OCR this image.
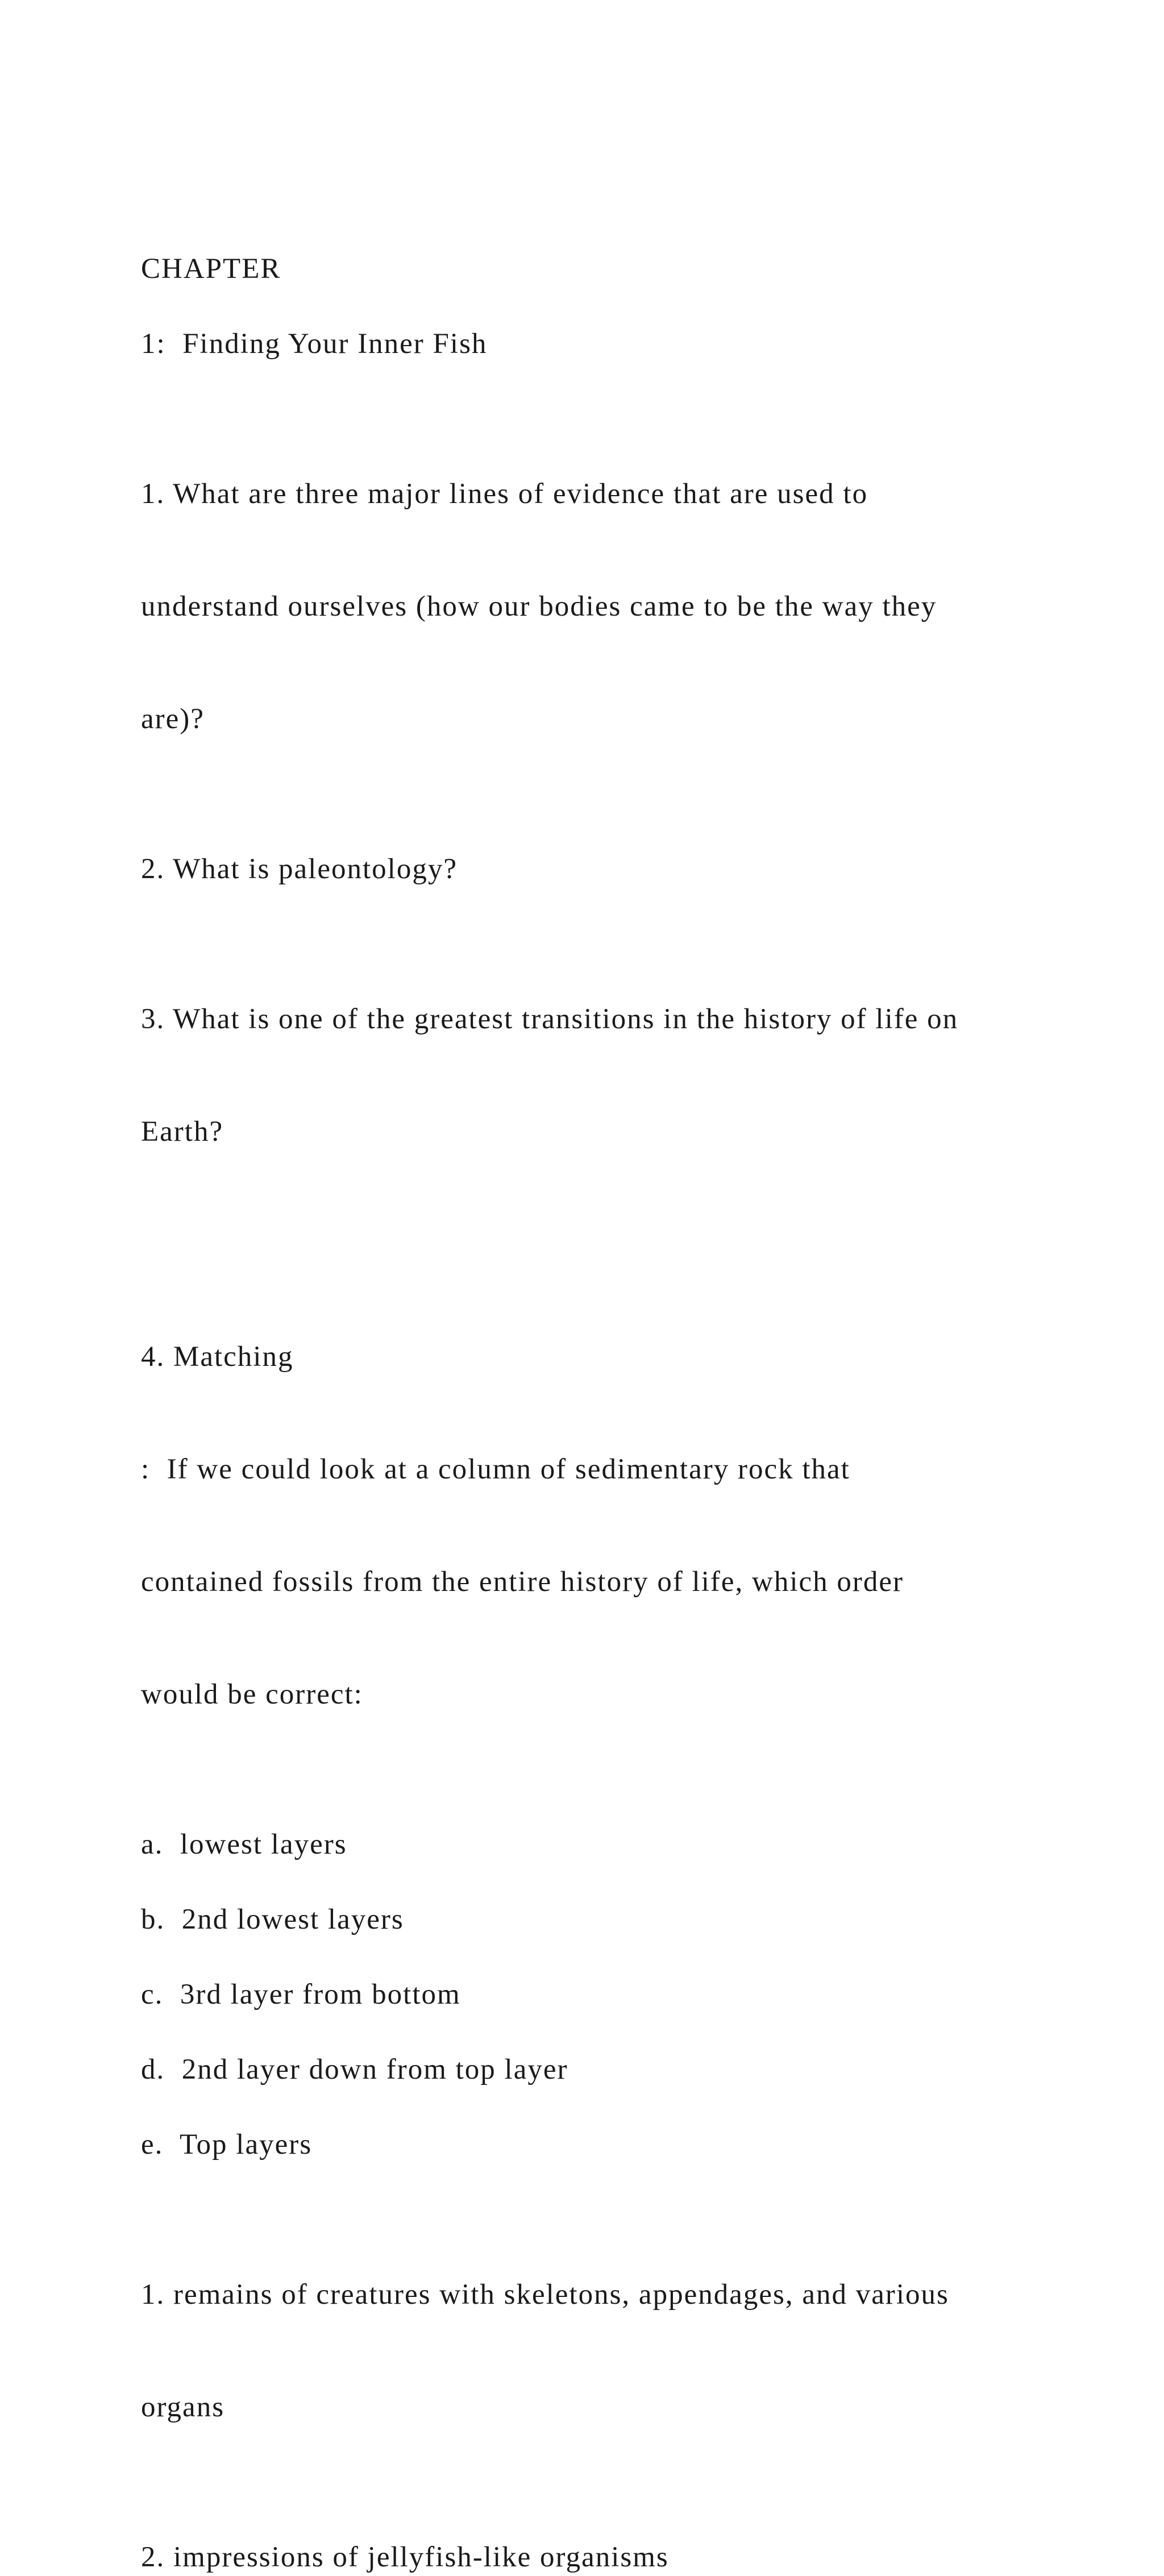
CHAPTER

1:  Finding Your Inner Fish

1. What are three major lines of evidence that are used to

understand ourselves (how our bodies came to be the way they

are)?

2. What is paleontology?

3. What is one of the greatest transitions in the history of life on

Earth?

4. Matching

:  If we could look at a column of sedimentary rock that

contained fossils from the entire history of life, which order

would be correct:

a.  lowest layers

b.  2nd lowest layers

c.  3rd layer from bottom

d.  2nd layer down from top layer

e.  Top layers

1. remains of creatures with skeletons, appendages, and various

organs

2. impressions of jellyfish-like organisms
